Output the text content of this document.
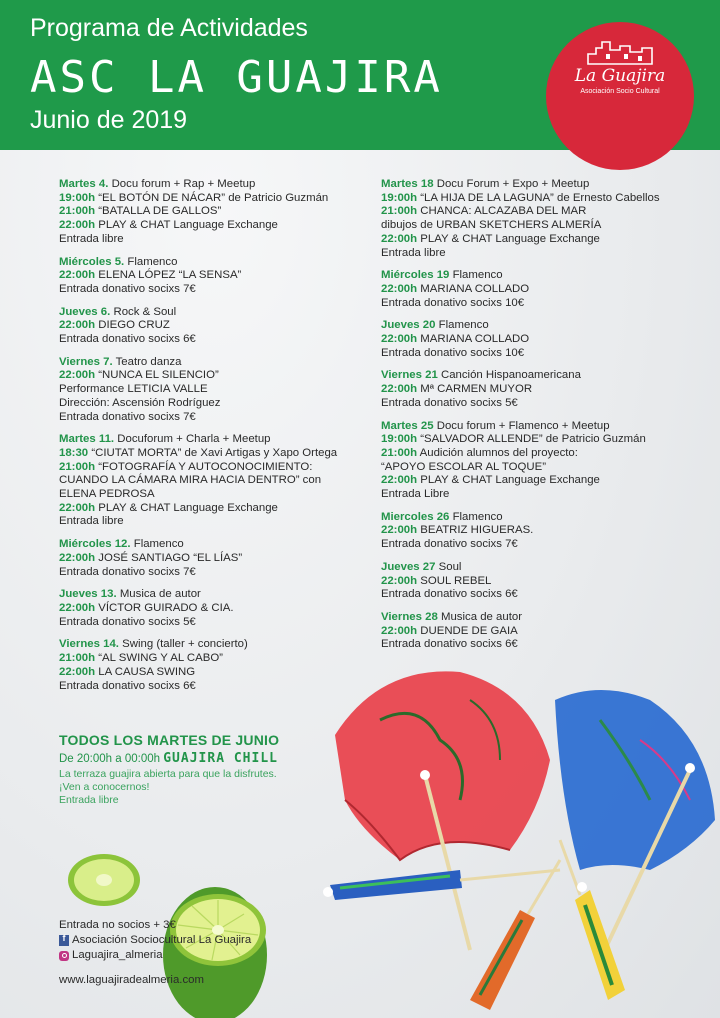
Programa de Actividades
ASC LA GUAJIRA
Junio de 2019
La Guajira
Asociación Socio Cultural
Martes 4. Docu forum + Rap + Meetup
19:00h “EL BOTÓN DE NÁCAR” de Patricio Guzmán
21:00h “BATALLA DE GALLOS”
22:00h PLAY & CHAT Language Exchange
Entrada libre
Miércoles 5. Flamenco
22:00h ELENA LÓPEZ “LA SENSA”
Entrada donativo socixs 7€
Jueves 6. Rock & Soul
22:00h DIEGO CRUZ
Entrada donativo socixs 6€
Viernes 7. Teatro danza
22:00h “NUNCA EL SILENCIO”
Performance LETICIA VALLE
Dirección: Ascensión Rodríguez
Entrada donativo socixs 7€
Martes 11. Docuforum + Charla + Meetup
18:30 “CIUTAT MORTA” de Xavi Artigas y Xapo Ortega
21:00h “FOTOGRAFÍA Y AUTOCONOCIMIENTO:
CUANDO LA CÁMARA MIRA HACIA DENTRO” con
ELENA PEDROSA
22:00h PLAY & CHAT Language Exchange
Entrada libre
Miércoles 12. Flamenco
22:00h JOSÉ SANTIAGO “EL LÍAS”
Entrada donativo socixs 7€
Jueves 13. Musica de autor
22:00h VÍCTOR GUIRADO & CIA.
Entrada donativo socixs 5€
Viernes 14. Swing (taller + concierto)
21:00h “AL SWING Y AL CABO”
22:00h LA CAUSA SWING
Entrada donativo socixs 6€
Martes 18 Docu Forum + Expo + Meetup
19:00h “LA HIJA DE LA LAGUNA” de Ernesto Cabellos
21:00h CHANCA: ALCAZABA DEL MAR
dibujos de URBAN SKETCHERS ALMERÍA
22:00h PLAY & CHAT Language Exchange
Entrada libre
Miércoles 19 Flamenco
22:00h MARIANA COLLADO
Entrada donativo socixs 10€
Jueves 20 Flamenco
22:00h MARIANA COLLADO
Entrada donativo socixs 10€
Viernes 21 Canción Hispanoamericana
22:00h Mª CARMEN MUYOR
Entrada donativo socixs 5€
Martes 25 Docu forum + Flamenco + Meetup
19:00h “SALVADOR ALLENDE” de Patricio Guzmán
21:00h Audición alumnos del proyecto:
“APOYO ESCOLAR AL TOQUE”
22:00h PLAY & CHAT Language Exchange
Entrada Libre
Miercoles 26 Flamenco
22:00h BEATRIZ HIGUERAS.
Entrada donativo socixs 7€
Jueves 27 Soul
22:00h SOUL REBEL
Entrada donativo socixs 6€
Viernes 28 Musica de autor
22:00h DUENDE DE GAIA
Entrada donativo socixs 6€
TODOS LOS MARTES DE JUNIO
De 20:00h a 00:00h GUAJIRA CHILL
La terraza guajira abierta para que la disfrutes.
¡Ven a conocernos!
Entrada libre
Entrada no socios + 3€
f Asociación Sociocultural La Guajira
Laguajira_almeria
www.laguajiradealmeria.com
